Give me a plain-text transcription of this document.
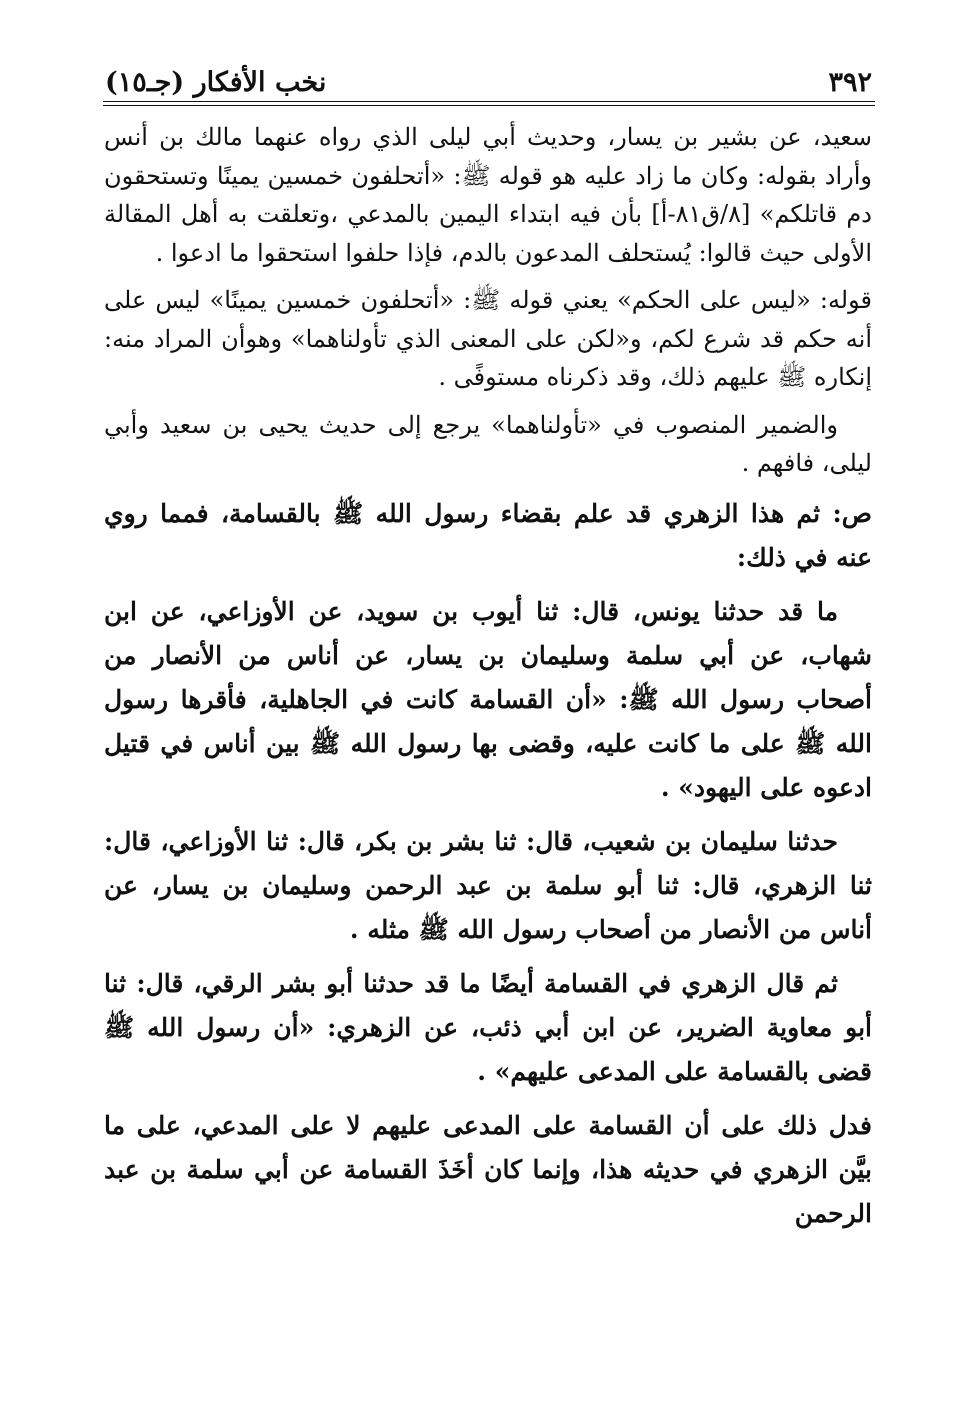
٣٩٢
نخب الأفكار (جـ١٥)

سعيد، عن بشير بن يسار، وحديث أبي ليلى الذي رواه عنهما مالك بن أنس وأراد بقوله: وكان ما زاد عليه هو قوله ﷺ: «أتحلفون خمسين يمينًا وتستحقون دم قاتلكم» [٨/ق٨١-أ] بأن فيه ابتداء اليمين بالمدعي ،وتعلقت به أهل المقالة الأولى حيث قالوا: يُستحلف المدعون بالدم، فإذا حلفوا استحقوا ما ادعوا .

قوله: «ليس على الحكم» يعني قوله ﷺ: «أتحلفون خمسين يمينًا» ليس على أنه حكم قد شرع لكم، و«لكن على المعنى الذي تأولناهما» وهوأن المراد منه: إنكاره ﷺ عليهم ذلك، وقد ذكرناه مستوفًى .

والضمير المنصوب في «تأولناهما» يرجع إلى حديث يحيى بن سعيد وأبي ليلى، فافهم .

ص: ثم هذا الزهري قد علم بقضاء رسول الله ﷺ بالقسامة، فمما روي عنه في ذلك:

ما قد حدثنا يونس، قال: ثنا أيوب بن سويد، عن الأوزاعي، عن ابن شهاب، عن أبي سلمة وسليمان بن يسار، عن أناس من الأنصار من أصحاب رسول الله ﷺ: «أن القسامة كانت في الجاهلية، فأقرها رسول الله ﷺ على ما كانت عليه، وقضى بها رسول الله ﷺ بين أناس في قتيل ادعوه على اليهود» .

حدثنا سليمان بن شعيب، قال: ثنا بشر بن بكر، قال: ثنا الأوزاعي، قال: ثنا الزهري، قال: ثنا أبو سلمة بن عبد الرحمن وسليمان بن يسار، عن أناس من الأنصار من أصحاب رسول الله ﷺ مثله .

ثم قال الزهري في القسامة أيضًا ما قد حدثنا أبو بشر الرقي، قال: ثنا أبو معاوية الضرير، عن ابن أبي ذئب، عن الزهري: «أن رسول الله ﷺ قضى بالقسامة على المدعى عليهم» .

فدل ذلك على أن القسامة على المدعى عليهم لا على المدعي، على ما بيَّن الزهري في حديثه هذا، وإنما كان أخَذَ القسامة عن أبي سلمة بن عبد الرحمن
